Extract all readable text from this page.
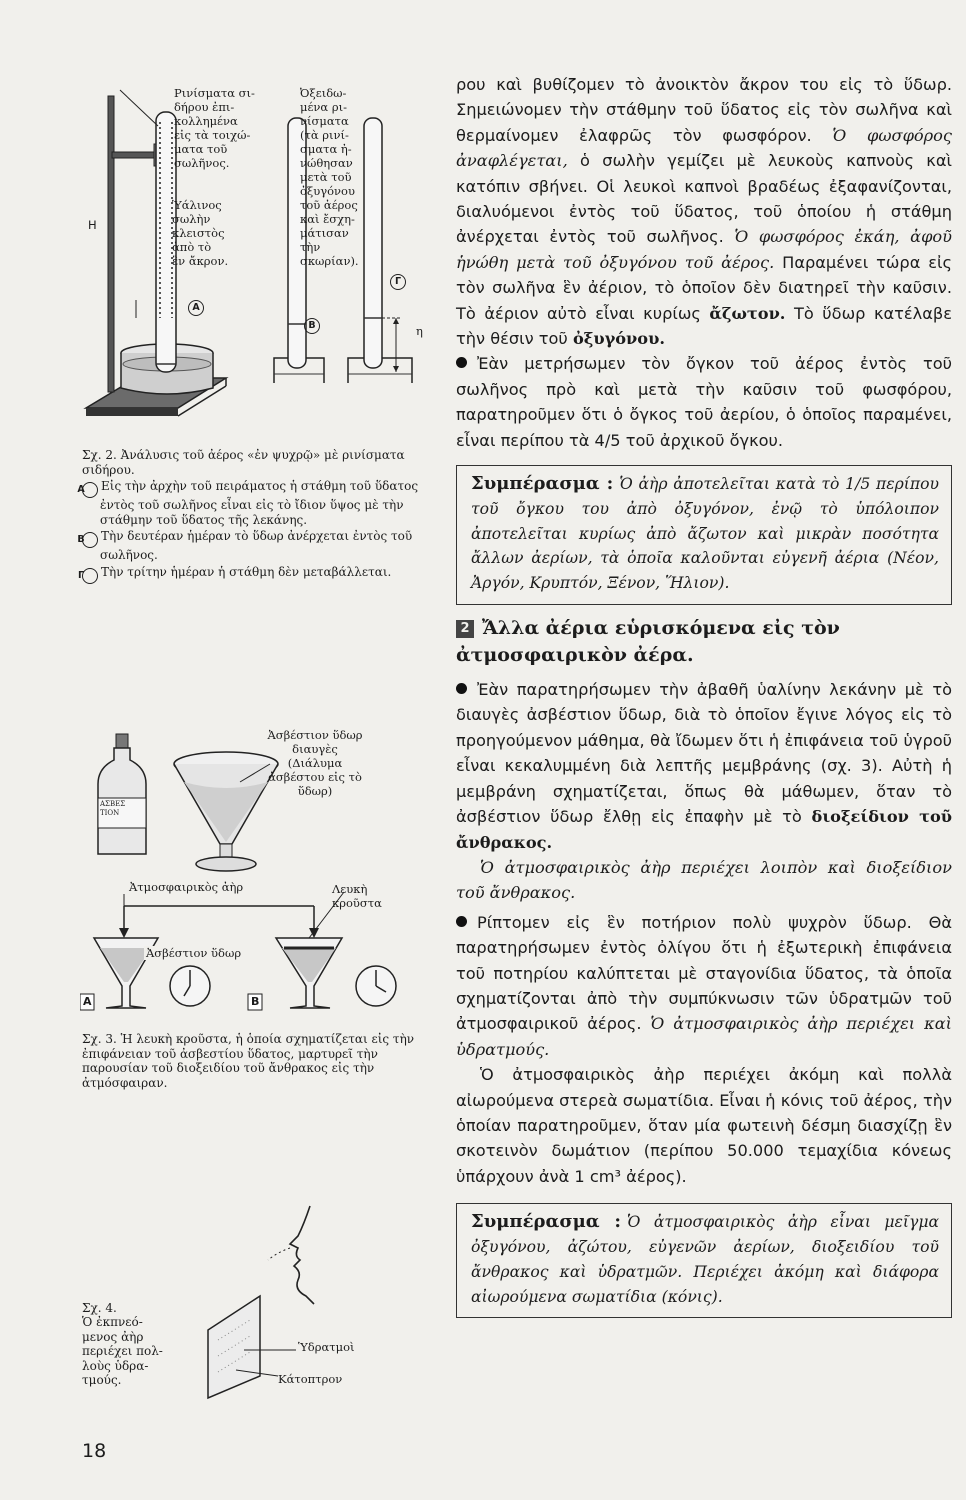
Ρινίσματα σι-
δήρου ἐπι-
κολλημένα
εἰς τὰ τοιχώ-
ματα τοῦ
σωλῆνος.
Ὑάλινος
σωλὴν
κλειστὸς
ἀπὸ τὸ
ἓν ἄκρον.
Ὀξειδω-
μένα ρι-
νίσματα
(τὰ ρινί-
σματα ἠ-
νώθησαν
μετὰ τοῦ
ὀξυγόνου
τοῦ ἀέρος
καὶ ἔσχη-
μάτισαν
τὴν
σκωρίαν).
H
A
B
Γ
η

Σχ. 2. Ἀνάλυσις τοῦ ἀέρος «ἐν ψυχρῷ» μὲ ρινίσματα σιδήρου.

A Εἰς τὴν ἀρχὴν τοῦ πειράματος ἡ στάθμη τοῦ ὕδατος ἐντὸς τοῦ σωλῆνος εἶναι εἰς τὸ ἴδιον ὕψος μὲ τὴν στάθμην τοῦ ὕδατος τῆς λεκάνης.

B Τὴν δευτέραν ἡμέραν τὸ ὕδωρ ἀνέρχεται ἐντὸς τοῦ σωλῆνος.

Γ Τὴν τρίτην ἡμέραν ἡ στάθμη δὲν μεταβάλλεται.

ΑΣΒΕΣ
ΤΙΟΝ
Ἀσβέστιον ὕδωρ
διαυγὲς
(Διάλυμα
ἀσβέστου εἰς τὸ
ὕδωρ)
Ἀτμοσφαιρικὸς ἀὴρ	Λευκὴ
κροῦστα
Ἀσβέστιον ὕδωρ
A	B

Σχ. 3. Ἡ λευκὴ κροῦστα, ἡ ὁποία σχηματίζεται εἰς τὴν ἐπιφάνειαν τοῦ ἀσβεστίου ὕδατος, μαρτυρεῖ τὴν παρουσίαν τοῦ διοξειδίου τοῦ ἄνθρακος εἰς τὴν ἀτμόσφαιραν.

Ὑδρατμοὶ
Κάτοπτρον

Σχ. 4.
Ὁ ἐκπνεό-
μενος ἀὴρ
περιέχει πολ-
λοὺς ὑδρα-
τμούς.

ρου καὶ βυθίζομεν τὸ ἀνοικτὸν ἄκρον του εἰς τὸ ὕδωρ. Σημειώνομεν τὴν στάθμην τοῦ ὕδατος εἰς τὸν σωλῆνα καὶ θερμαίνομεν ἐλαφρῶς τὸν φωσφόρον. Ὁ φωσφόρος ἀναφλέγεται, ὁ σωλὴν γεμίζει μὲ λευκοὺς καπνοὺς καὶ κατόπιν σβήνει. Οἱ λευκοὶ καπνοὶ βραδέως ἐξαφανίζονται, διαλυόμενοι ἐντὸς τοῦ ὕδατος, τοῦ ὁποίου ἡ στάθμη ἀνέρχεται ἐντὸς τοῦ σωλῆνος. Ὁ φωσφόρος ἐκάη, ἀφοῦ ἡνώθη μετὰ τοῦ ὀξυγόνου τοῦ ἀέρος. Παραμένει τώρα εἰς τὸν σωλῆνα ἓν ἀέριον, τὸ ὁποῖον δὲν διατηρεῖ τὴν καῦσιν. Τὸ ἀέριον αὐτὸ εἶναι κυρίως ἄζωτον. Τὸ ὕδωρ κατέλαβε τὴν θέσιν τοῦ ὀξυγόνου.

Ἐὰν μετρήσωμεν τὸν ὄγκον τοῦ ἀέρος ἐντὸς τοῦ σωλῆνος πρὸ καὶ μετὰ τὴν καῦσιν τοῦ φωσφόρου, παρατηροῦμεν ὅτι ὁ ὄγκος τοῦ ἀερίου, ὁ ὁποῖος παραμένει, εἶναι περίπου τὰ 4/5 τοῦ ἀρχικοῦ ὄγκου.

Συμπέρασμα : Ὁ ἀὴρ ἀποτελεῖται κατὰ τὸ 1/5 περίπου τοῦ ὄγκου του ἀπὸ ὀξυγόνον, ἐνῷ τὸ ὑπόλοιπον ἀποτελεῖται κυρίως ἀπὸ ἄζωτον καὶ μικρὰν ποσότητα ἄλλων ἀερίων, τὰ ὁποῖα καλοῦνται εὐγενῆ ἀέρια (Νέον, Ἀργόν, Κρυπτόν, Ξένον, Ἥλιον).
2 Ἄλλα ἀέρια εὑρισκόμενα εἰς τὸν ἀτμοσφαιρικὸν ἀέρα.

Ἐὰν παρατηρήσωμεν τὴν ἀβαθῆ ὑαλίνην λεκάνην μὲ τὸ διαυγὲς ἀσβέστιον ὕδωρ, διὰ τὸ ὁποῖον ἔγινε λόγος εἰς τὸ προηγούμενον μάθημα, θὰ ἴδωμεν ὅτι ἡ ἐπιφάνεια τοῦ ὑγροῦ εἶναι κεκαλυμμένη διὰ λεπτῆς μεμβράνης (σχ. 3). Αὐτὴ ἡ μεμβράνη σχηματίζεται, ὅπως θὰ μάθωμεν, ὅταν τὸ ἀσβέστιον ὕδωρ ἔλθῃ εἰς ἐπαφὴν μὲ τὸ διοξείδιον τοῦ ἄνθρακος.

Ὁ ἀτμοσφαιρικὸς ἀὴρ περιέχει λοιπὸν καὶ διοξείδιον τοῦ ἄνθρακος.

Ρίπτομεν εἰς ἓν ποτήριον πολὺ ψυχρὸν ὕδωρ. Θὰ παρατηρήσωμεν ἐντὸς ὀλίγου ὅτι ἡ ἐξωτερικὴ ἐπιφάνεια τοῦ ποτηρίου καλύπτεται μὲ σταγονίδια ὕδατος, τὰ ὁποῖα σχηματίζονται ἀπὸ τὴν συμπύκνωσιν τῶν ὑδρατμῶν τοῦ ἀτμοσφαιρικοῦ ἀέρος. Ὁ ἀτμοσφαιρικὸς ἀὴρ περιέχει καὶ ὑδρατμούς.

Ὁ ἀτμοσφαιρικὸς ἀὴρ περιέχει ἀκόμη καὶ πολλὰ αἰωρούμενα στερεὰ σωματίδια. Εἶναι ἡ κόνις τοῦ ἀέρος, τὴν ὁποίαν παρατηροῦμεν, ὅταν μία φωτεινὴ δέσμη διασχίζῃ ἓν σκοτεινὸν δωμάτιον (περίπου 50.000 τεμαχίδια κόνεως ὑπάρχουν ἀνὰ 1 cm³ ἀέρος).

Συμπέρασμα : Ὁ ἀτμοσφαιρικὸς ἀὴρ εἶναι μεῖγμα ὀξυγόνου, ἀζώτου, εὐγενῶν ἀερίων, διοξειδίου τοῦ ἄνθρακος καὶ ὑδρατμῶν. Περιέχει ἀκόμη καὶ διάφορα αἰωρούμενα σωματίδια (κόνις).
18
